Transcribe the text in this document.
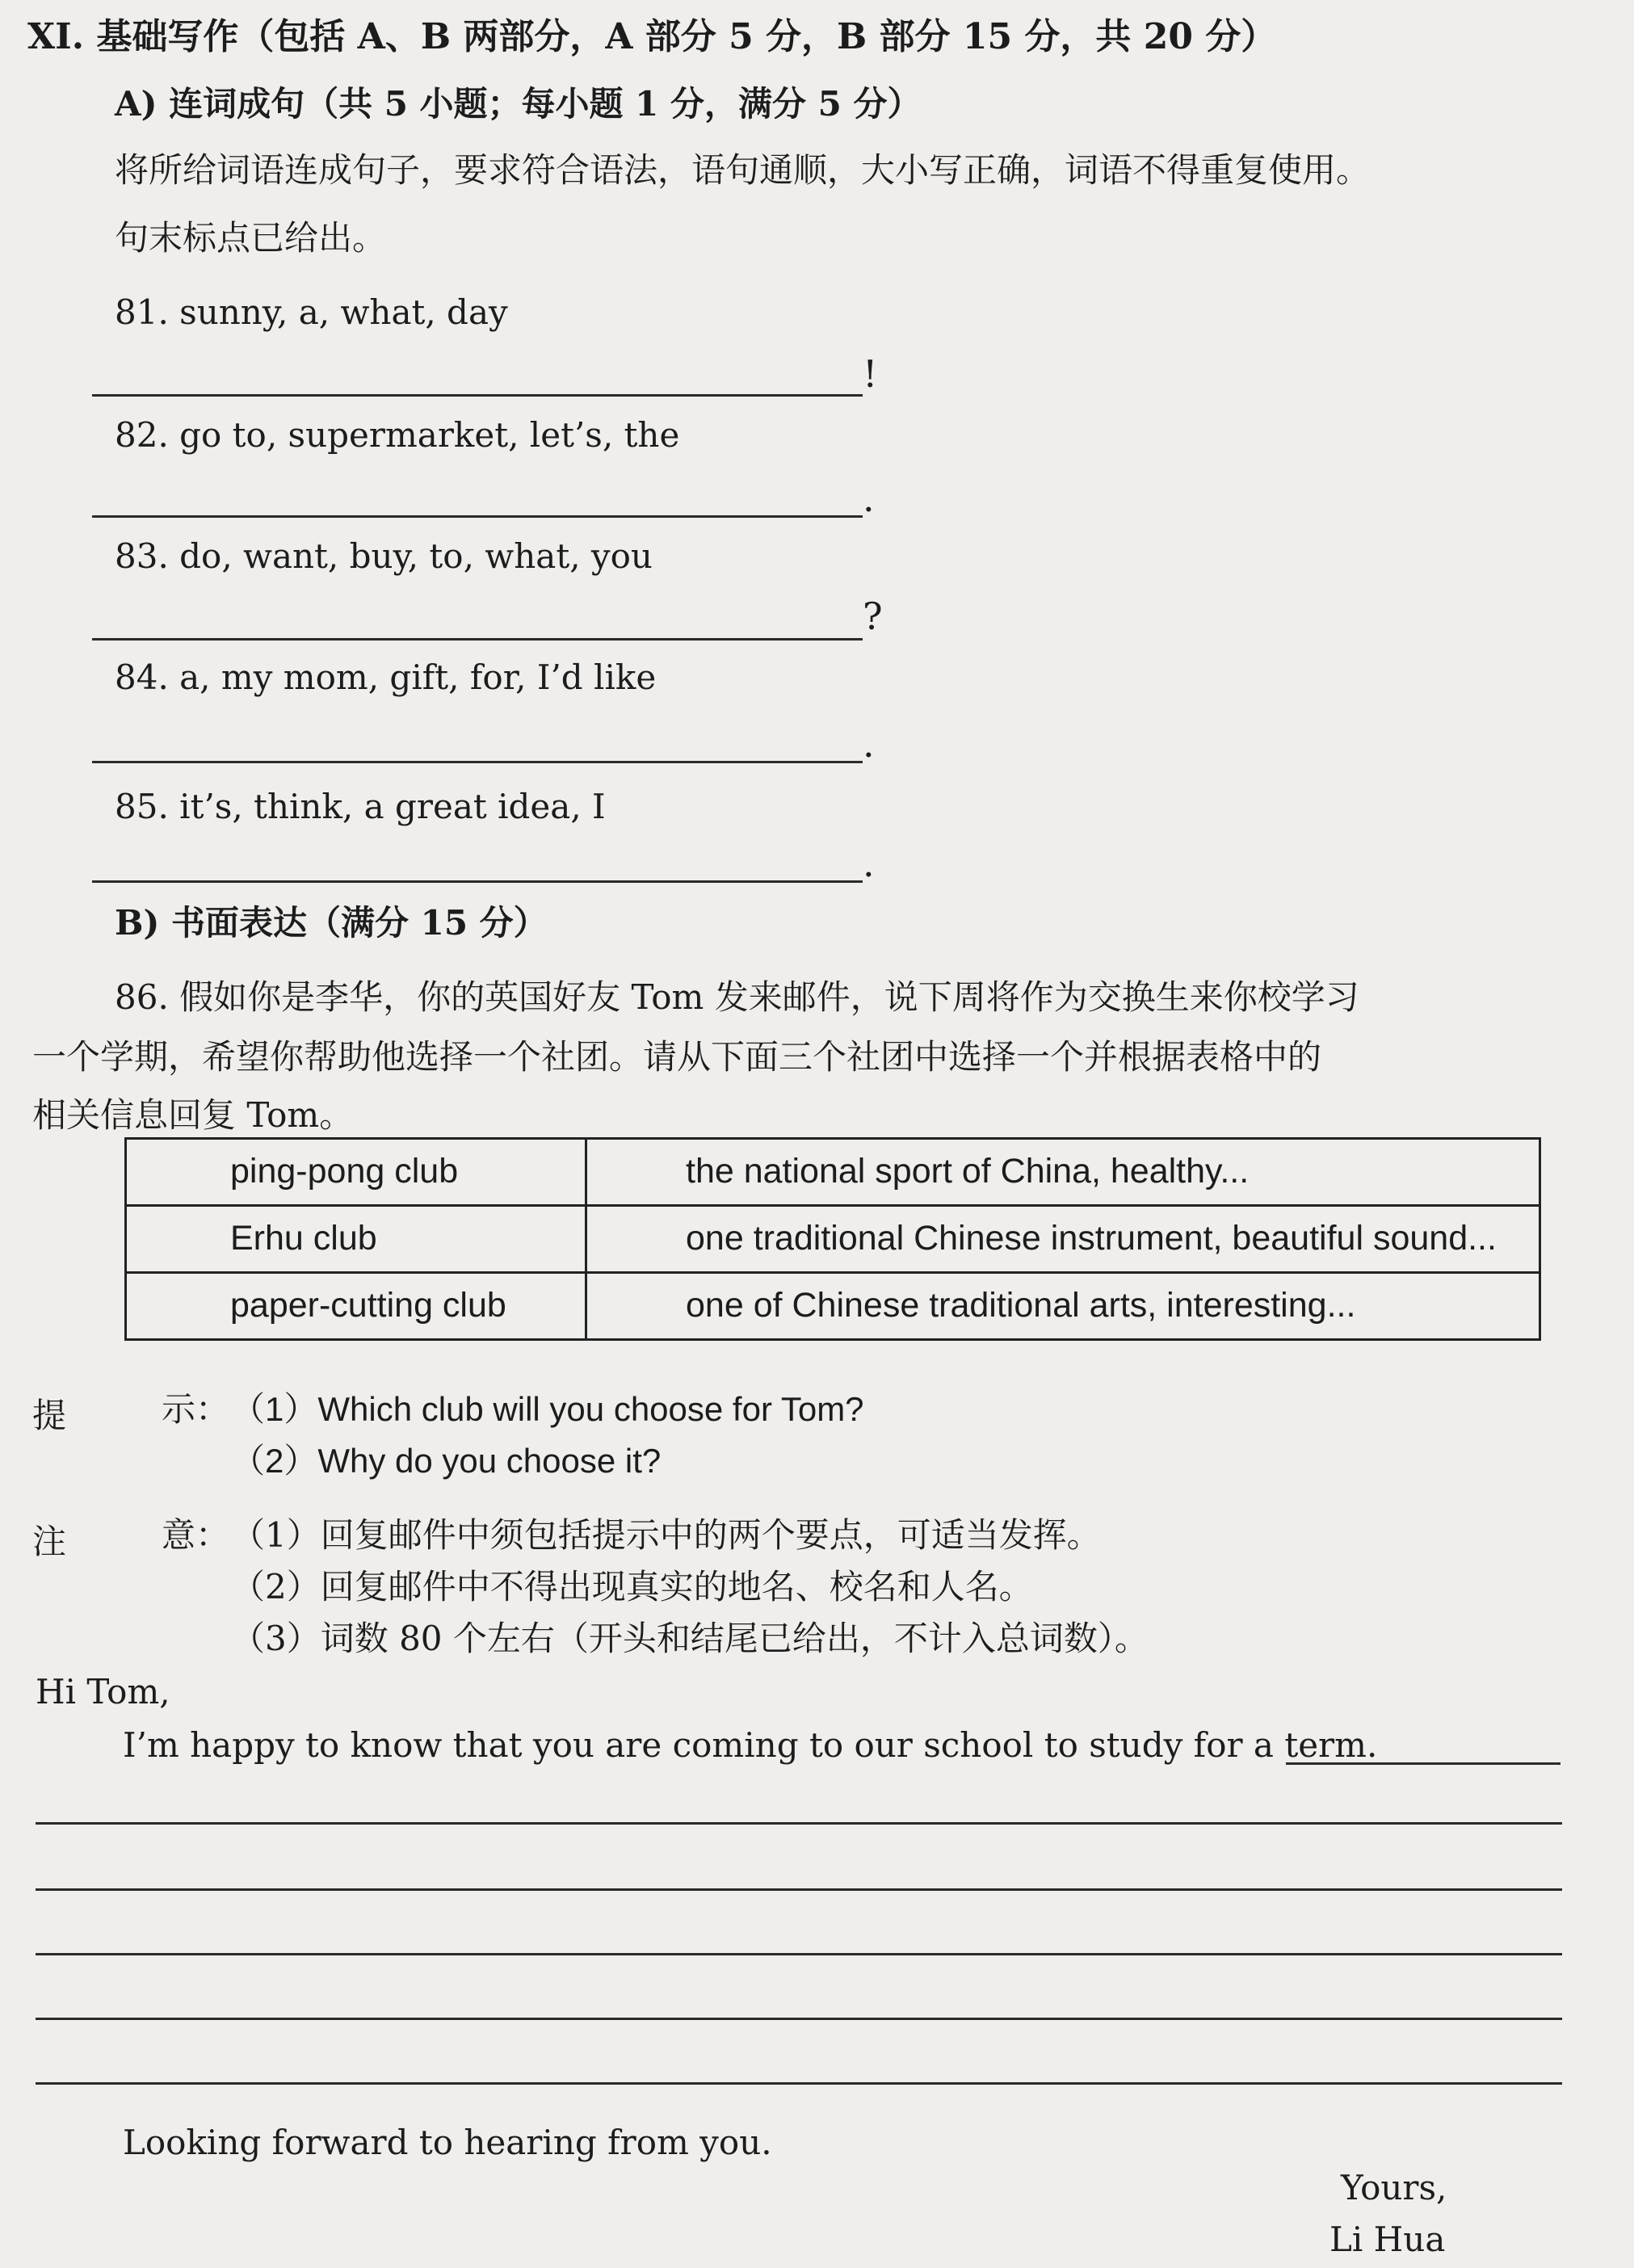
XI. 基础写作（包括 A、B 两部分，A 部分 5 分，B 部分 15 分，共 20 分）
A) 连词成句（共 5 小题；每小题 1 分，满分 5 分）
将所给词语连成句子，要求符合语法，语句通顺，大小写正确，词语不得重复使用。
句末标点已给出。
81. sunny, a, what, day
!
82. go to, supermarket, let’s, the
.
83. do, want, buy, to, what, you
?
84. a, my mom, gift, for, I’d like
.
85. it’s, think, a great idea, I
.
B) 书面表达（满分 15 分）
86. 假如你是李华，你的英国好友 Tom 发来邮件，说下周将作为交换生来你校学习
一个学期，希望你帮助他选择一个社团。请从下面三个社团中选择一个并根据表格中的
相关信息回复 Tom。
ping-pong club	the national sport of China, healthy...
Erhu club	one traditional Chinese instrument, beautiful sound...
paper-cutting club	one of Chinese traditional arts, interesting...
提	示： （1）Which club will you choose for Tom?
（2）Why do you choose it?
注	意： （1）回复邮件中须包括提示中的两个要点，可适当发挥。
（2）回复邮件中不得出现真实的地名、校名和人名。
（3）词数 80 个左右（开头和结尾已给出，不计入总词数）。
Hi Tom,
I’m happy to know that you are coming to our school to study for a term.
Looking forward to hearing from you.
Yours,
Li Hua
